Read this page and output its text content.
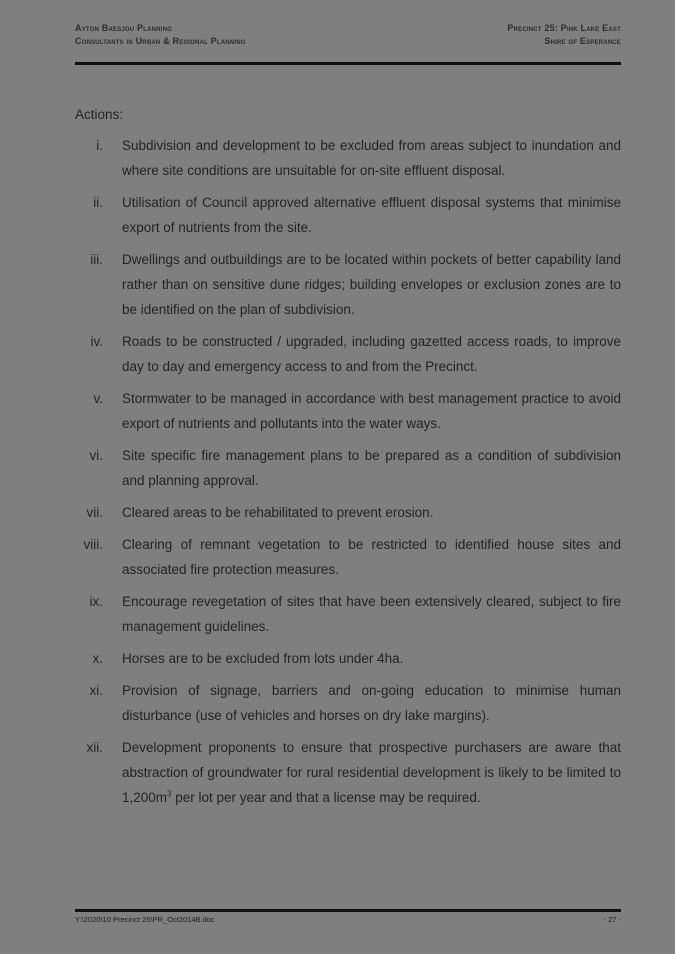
Ayton Baesjou Planning
Consultants in Urban & Regional Planning
Precinct 25: Pink Lake East
Shire of Esperance

Actions:

i. Subdivision and development to be excluded from areas subject to inundation and where site conditions are unsuitable for on-site effluent disposal.
ii. Utilisation of Council approved alternative effluent disposal systems that minimise export of nutrients from the site.
iii. Dwellings and outbuildings are to be located within pockets of better capability land rather than on sensitive dune ridges; building envelopes or exclusion zones are to be identified on the plan of subdivision.
iv. Roads to be constructed / upgraded, including gazetted access roads, to improve day to day and emergency access to and from the Precinct.
v. Stormwater to be managed in accordance with best management practice to avoid export of nutrients and pollutants into the water ways.
vi. Site specific fire management plans to be prepared as a condition of subdivision and planning approval.
vii. Cleared areas to be rehabilitated to prevent erosion.
viii. Clearing of remnant vegetation to be restricted to identified house sites and associated fire protection measures.
ix. Encourage revegetation of sites that have been extensively cleared, subject to fire management guidelines.
x. Horses are to be excluded from lots under 4ha.
xi. Provision of signage, barriers and on-going education to minimise human disturbance (use of vehicles and horses on dry lake margins).
xii. Development proponents to ensure that prospective purchasers are aware that abstraction of groundwater for rural residential development is likely to be limited to $1,200m^3$ per lot per year and that a license may be required.
Y:\2020\10 Precinct 25\PR_Oct2014B.doc	- 27 -
